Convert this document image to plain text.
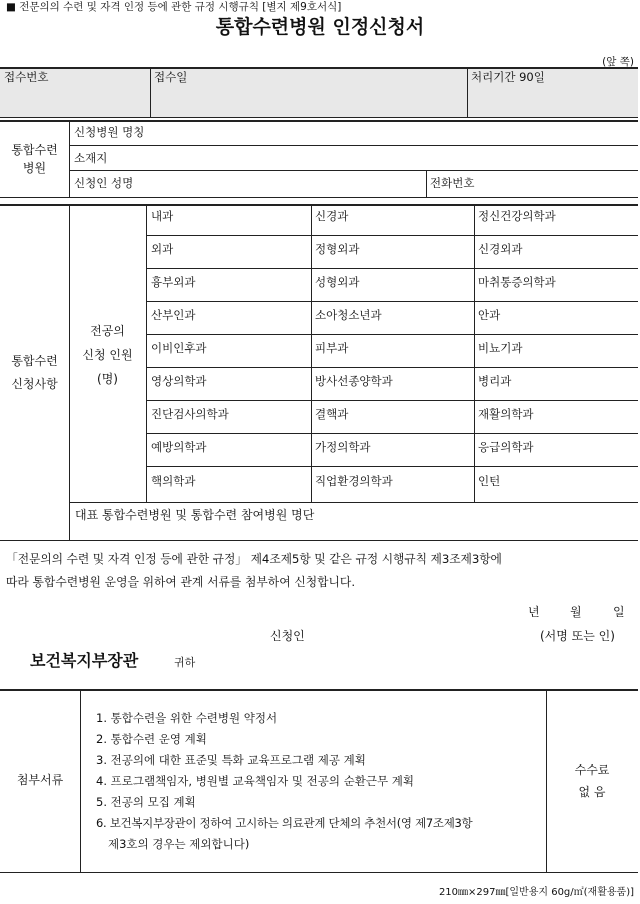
■ 전문의의 수련 및 자격 인정 등에 관한 규정 시행규칙 [별지 제9호서식]
통합수련병원 인정신청서
(앞 쪽)
접수번호	접수일	처리기간 90일
통합수련
병원
신청병원 명칭
소재지
신청인 성명	전화번호
통합수련
신청사항
전공의
신청 인원
(명)
내과	신경과	정신건강의학과
외과	정형외과	신경외과
흉부외과	성형외과	마취통증의학과
산부인과	소아청소년과	안과
이비인후과	피부과	비뇨기과
영상의학과	방사선종양학과	병리과
진단검사의학과	결핵과	재활의학과
예방의학과	가정의학과	응급의학과
핵의학과	직업환경의학과	인턴
대표 통합수련병원 및 통합수련 참여병원 명단
「전문의의 수련 및 자격 인정 등에 관한 규정」 제4조제5항 및 같은 규정 시행규칙 제3조제3항에
따라 통합수련병원 운영을 위하여 관계 서류를 첨부하여 신청합니다.
년	월	일
신청인	(서명 또는 인)
보건복지부장관	귀하
첨부서류
1. 통합수련을 위한 수련병원 약정서
2. 통합수련 운영 계획
3. 전공의에 대한 표준및 특화 교육프로그램 제공 계획
4. 프로그램책임자, 병원별 교육책임자 및 전공의 순환근무 계획
5. 전공의 모집 계획
6. 보건복지부장관이 정하여 고시하는 의료관계 단체의 추천서(영 제7조제3항
제3호의 경우는 제외합니다)
수수료
없 음
210㎜×297㎜[일반용지 60g/㎡(재활용품)]
